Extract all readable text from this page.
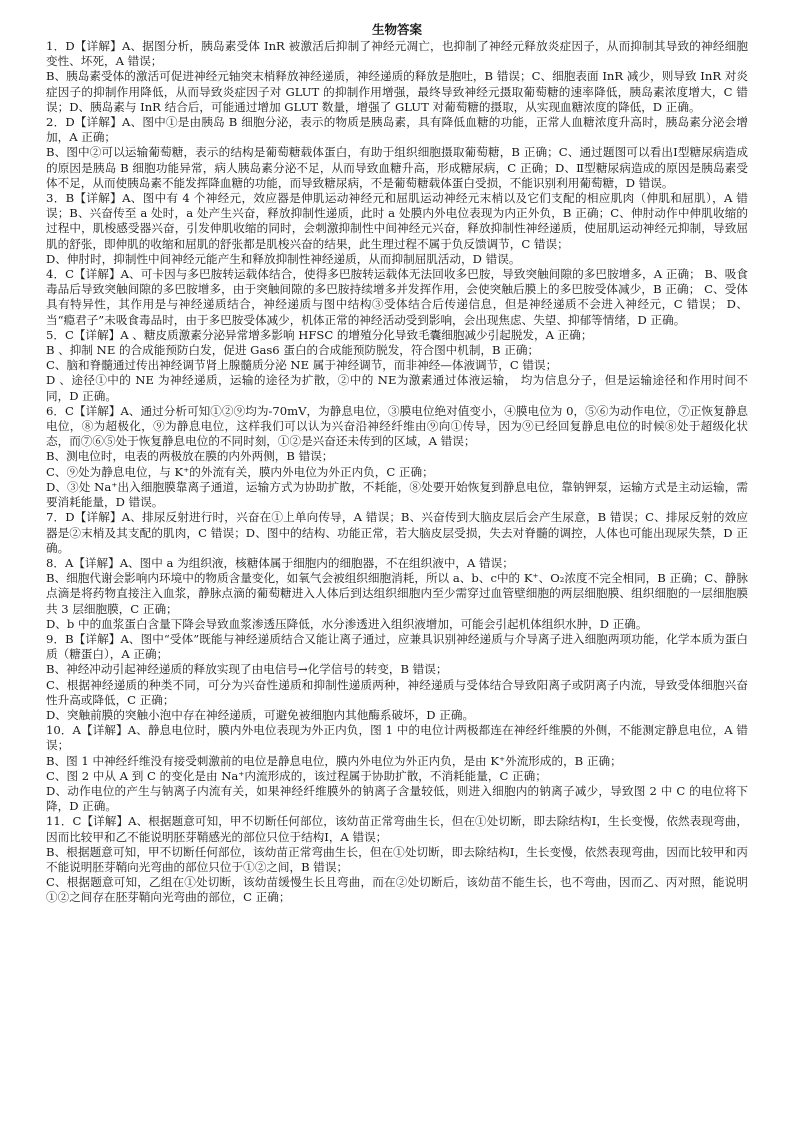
生物答案

1．D【详解】A、据图分析，胰岛素受体 InR 被激活后抑制了神经元凋亡，也抑制了神经元释放炎症因子，从而抑制其导致的神经细胞变性、坏死，A 错误；

B、胰岛素受体的激活可促进神经元轴突末梢释放神经递质，神经递质的释放是胞吐，B 错误；C、细胞表面 InR 减少，则导致 InR 对炎症因子的抑制作用降低，从而导致炎症因子对 GLUT 的抑制作用增强，最终导致神经元摄取葡萄糖的速率降低，胰岛素浓度增大，C 错误；D、胰岛素与 InR 结合后，可能通过增加 GLUT 数量，增强了 GLUT 对葡萄糖的摄取，从实现血糖浓度的降低，D 正确。

2．D【详解】A、图中①是由胰岛 B 细胞分泌，表示的物质是胰岛素，具有降低血糖的功能，正常人血糖浓度升高时，胰岛素分泌会增加，A 正确；

B、图中②可以运输葡萄糖，表示的结构是葡萄糖载体蛋白，有助于组织细胞摄取葡萄糖，B 正确；C、通过题图可以看出Ⅰ型糖尿病造成的原因是胰岛 B 细胞功能异常，病人胰岛素分泌不足，从而导致血糖升高，形成糖尿病，C 正确；D、Ⅱ型糖尿病造成的原因是胰岛素受体不足，从而使胰岛素不能发挥降血糖的功能，而导致糖尿病，不是葡萄糖载体蛋白受损，不能识别利用葡萄糖，D 错误。

3．B【详解】A、图中有 4 个神经元，效应器是伸肌运动神经元和屈肌运动神经元末梢以及它们支配的相应肌肉（伸肌和屈肌），A 错误；B、兴奋传至 a 处时，a 处产生兴奋，释放抑制性递质，此时 a 处膜内外电位表现为内正外负，B 正确；C、伸肘动作中伸肌收缩的过程中，肌梭感受器兴奋，引发伸肌收缩的同时，会刺激抑制性中间神经元兴奋，释放抑制性神经递质，使屈肌运动神经元抑制，导致屈肌的舒张，即伸肌的收缩和屈肌的舒张都是肌梭兴奋的结果，此生理过程不属于负反馈调节，C 错误；

D、伸肘时，抑制性中间神经元能产生和释放抑制性神经递质，从而抑制屈肌活动，D 错误。

4．C【详解】A、可卡因与多巴胺转运载体结合，使得多巴胺转运载体无法回收多巴胺，导致突触间隙的多巴胺增多，A 正确； B、吸食毒品后导致突触间隙的多巴胺增多，由于突触间隙的多巴胺持续增多并发挥作用，会使突触后膜上的多巴胺受体减少，B 正确； C、受体具有特异性，其作用是与神经递质结合，神经递质与图中结构③受体结合后传递信息，但是神经递质不会进入神经元，C 错误； D、当“瘾君子”未吸食毒品时，由于多巴胺受体减少，机体正常的神经活动受到影响，会出现焦虑、失望、抑郁等情绪，D 正确。

5．C【详解】A 、糖皮质激素分泌异常增多影响 HFSC 的增殖分化导致毛囊细胞减少引起脱发，A 正确；

B 、抑制 NE 的合成能预防白发，促进 Gas6 蛋白的合成能预防脱发，符合图中机制，B 正确；

C、脑和脊髓通过传出神经调节肾上腺髓质分泌 NE 属于神经调节，而非神经—体液调节，C 错误；

D 、途径①中的 NE 为神经递质，运输的途径为扩散，②中的 NE为激素通过体液运输， 均为信息分子，但是运输途径和作用时间不同，D 正确。

6．C【详解】A、通过分析可知①②⑨均为-70mV，为静息电位，③膜电位绝对值变小，④膜电位为 0，⑤⑥为动作电位，⑦正恢复静息电位，⑧为超极化，⑨为静息电位，这样我们可以认为兴奋沿神经纤维由⑨向①传导，因为⑨已经回复静息电位的时候⑧处于超级化状态，而⑦⑥⑤处于恢复静息电位的不同时刻，①②是兴奋还未传到的区域，A 错误；

B、测电位时，电表的两极放在膜的内外两侧，B 错误；

C、⑨处为静息电位，与 K⁺的外流有关，膜内外电位为外正内负，C 正确；

D、③处 Na⁺出入细胞膜靠离子通道，运输方式为协助扩散，不耗能，⑧处要开始恢复到静息电位，靠钠钾泵，运输方式是主动运输，需要消耗能量，D 错误。

7．D【详解】A、排尿反射进行时，兴奋在①上单向传导，A 错误；B、兴奋传到大脑皮层后会产生尿意，B 错误；C、排尿反射的效应器是②末梢及其支配的肌肉，C 错误；D、图中的结构、功能正常，若大脑皮层受损，失去对脊髓的调控，人体也可能出现尿失禁，D 正确。

8．A【详解】A、图中 a 为组织液，核糖体属于细胞内的细胞器，不在组织液中，A 错误；

B、细胞代谢会影响内环境中的物质含量变化，如氧气会被组织细胞消耗，所以 a、b、c中的 K⁺、O₂浓度不完全相同，B 正确；C、静脉点滴是将药物直接注入血浆，静脉点滴的葡萄糖进入人体后到达组织细胞内至少需穿过血管壁细胞的两层细胞膜、组织细胞的一层细胞膜共 3 层细胞膜，C 正确；

D、b 中的血浆蛋白含量下降会导致血浆渗透压降低，水分渗透进入组织液增加，可能会引起机体组织水肿，D 正确。

9．B【详解】A、图中“受体”既能与神经递质结合又能让离子通过，应兼具识别神经递质与介导离子进入细胞两项功能，化学本质为蛋白质（糖蛋白），A 正确；

B、神经冲动引起神经递质的释放实现了由电信号→化学信号的转变，B 错误；

C、根据神经递质的种类不同，可分为兴奋性递质和抑制性递质两种，神经递质与受体结合导致阳离子或阴离子内流，导致受体细胞兴奋性升高或降低，C 正确；

D、突触前膜的突触小泡中存在神经递质，可避免被细胞内其他酶系破坏，D 正确。

10．A【详解】A、静息电位时，膜内外电位表现为外正内负，图 1 中的电位计两极都连在神经纤维膜的外侧，不能测定静息电位，A 错误；

B、图 1 中神经纤维没有接受刺激前的电位是静息电位，膜内外电位为外正内负，是由 K⁺外流形成的，B 正确；

C、图 2 中从 A 到 C 的变化是由 Na⁺内流形成的，该过程属于协助扩散，不消耗能量，C 正确；

D、动作电位的产生与钠离子内流有关，如果神经纤维膜外的钠离子含量较低，则进入细胞内的钠离子减少，导致图 2 中 C 的电位将下降，D 正确。

11．C【详解】A、根据题意可知，甲不切断任何部位，该幼苗正常弯曲生长，但在①处切断，即去除结构Ⅰ，生长变慢，依然表现弯曲，因而比较甲和乙不能说明胚芽鞘感光的部位只位于结构Ⅰ，A 错误；

B、根据题意可知，甲不切断任何部位，该幼苗正常弯曲生长，但在①处切断，即去除结构Ⅰ，生长变慢，依然表现弯曲，因而比较甲和丙不能说明胚芽鞘向光弯曲的部位只位于①②之间，B 错误；

C、根据题意可知，乙组在①处切断，该幼苗缓慢生长且弯曲，而在②处切断后，该幼苗不能生长，也不弯曲，因而乙、丙对照，能说明①②之间存在胚芽鞘向光弯曲的部位，C 正确；
